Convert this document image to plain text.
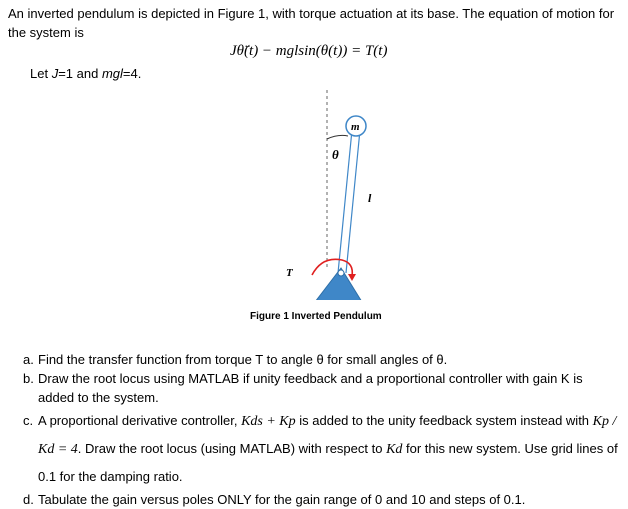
An inverted pendulum is depicted in Figure 1, with torque actuation at its base. The equation of motion for the system is
Jθ̈(t) − mglsin(θ(t)) = T(t)
Let J=1 and mgl=4.
m
θ
l
T
Figure 1 Inverted Pendulum
a. Find the transfer function from torque T to angle θ for small angles of θ.
b. Draw the root locus using MATLAB if unity feedback and a proportional controller with gain K is added to the system.
c. A proportional derivative controller, Kds + Kp is added to the unity feedback system instead with Kp / Kd = 4. Draw the root locus (using MATLAB) with respect to Kd for this new system. Use grid lines of 0.1 for the damping ratio.
d. Tabulate the gain versus poles ONLY for the gain range of 0 and 10 and steps of 0.1.
